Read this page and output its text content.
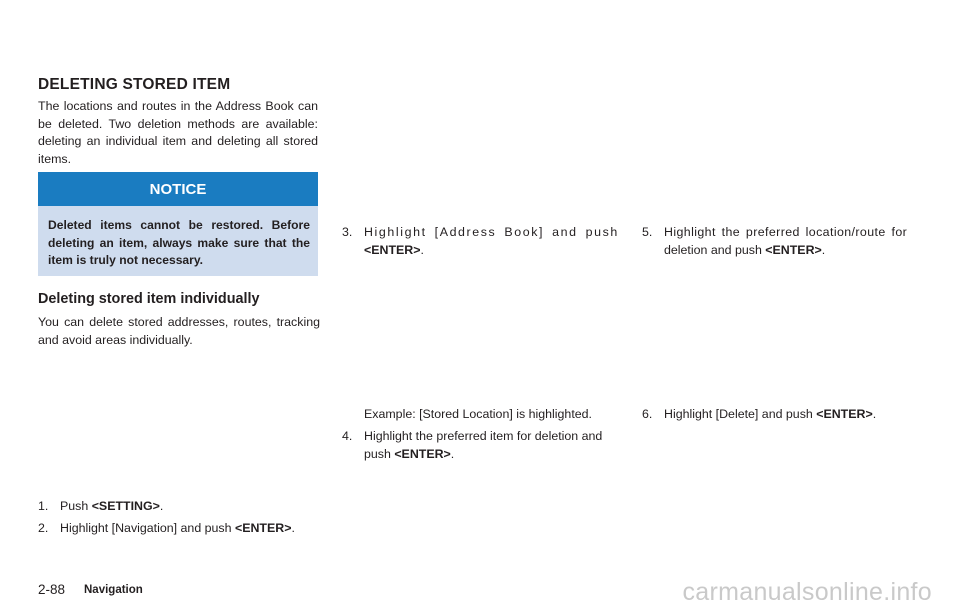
DELETING STORED ITEM
The locations and routes in the Address Book can be deleted. Two deletion methods are available: deleting an individual item and deleting all stored items.
NOTICE
Deleted items cannot be restored. Before deleting an item, always make sure that the item is truly not necessary.
Deleting stored item individually
You can delete stored addresses, routes, tracking and avoid areas individually.
1. Push <SETTING>.
2. Highlight [Navigation] and push <ENTER>.
3. Highlight [Address Book] and push
<ENTER>.
Example: [Stored Location] is highlighted.
4. Highlight the preferred item for deletion and
push <ENTER>.
5. Highlight the preferred location/route for
deletion and push <ENTER>.
6. Highlight [Delete] and push <ENTER>.
2-88 Navigation	carmanualsonline.info
